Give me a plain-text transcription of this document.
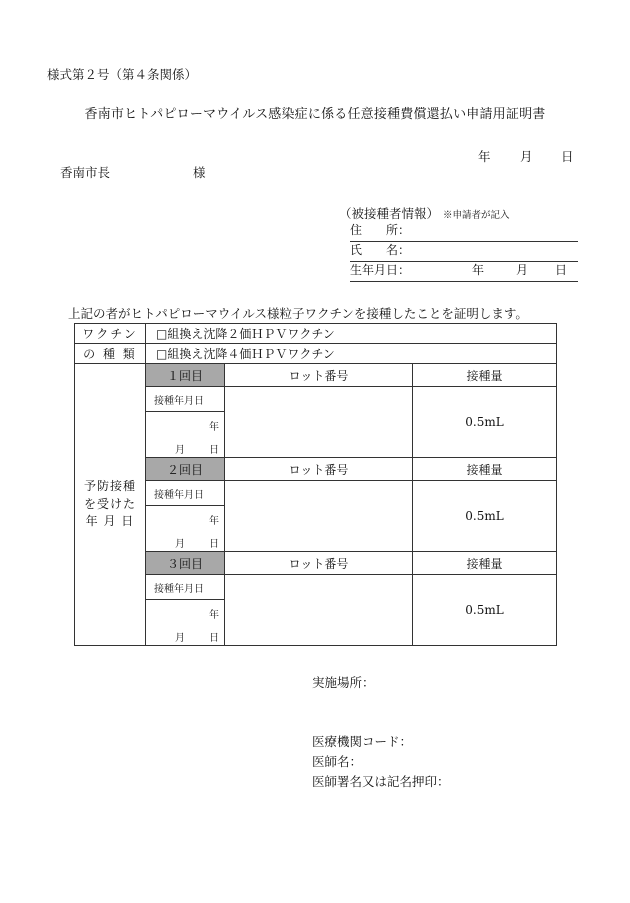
様式第２号（第４条関係）
香南市ヒトパピローマウイルス感染症に係る任意接種費償還払い申請用証明書
年 月 日
香南市長	様
（被接種者情報） ※申請者が記入
住　　所：
氏　　名：
生年月日：	年	月 日
上記の者がヒトパピローマウイルス様粒子ワクチンを接種したことを証明します。
ワクチン	□組換え沈降２価ＨＰＶワクチン		
の 種 類	□組換え沈降４価ＨＰＶワクチン		
予防接種
を受けた
年 月 日	１回目	ロット番号	接種量
	接種年月日		0.5mL

	年		

	月 日		

	２回目	ロット番号	接種量
	接種年月日		0.5mL

	年		

	月 日		

	３回目	ロット番号	接種量
	接種年月日		0.5mL

	年		

	月 日		
実施場所：
医療機関コード：
医師名：
医師署名又は記名押印：
